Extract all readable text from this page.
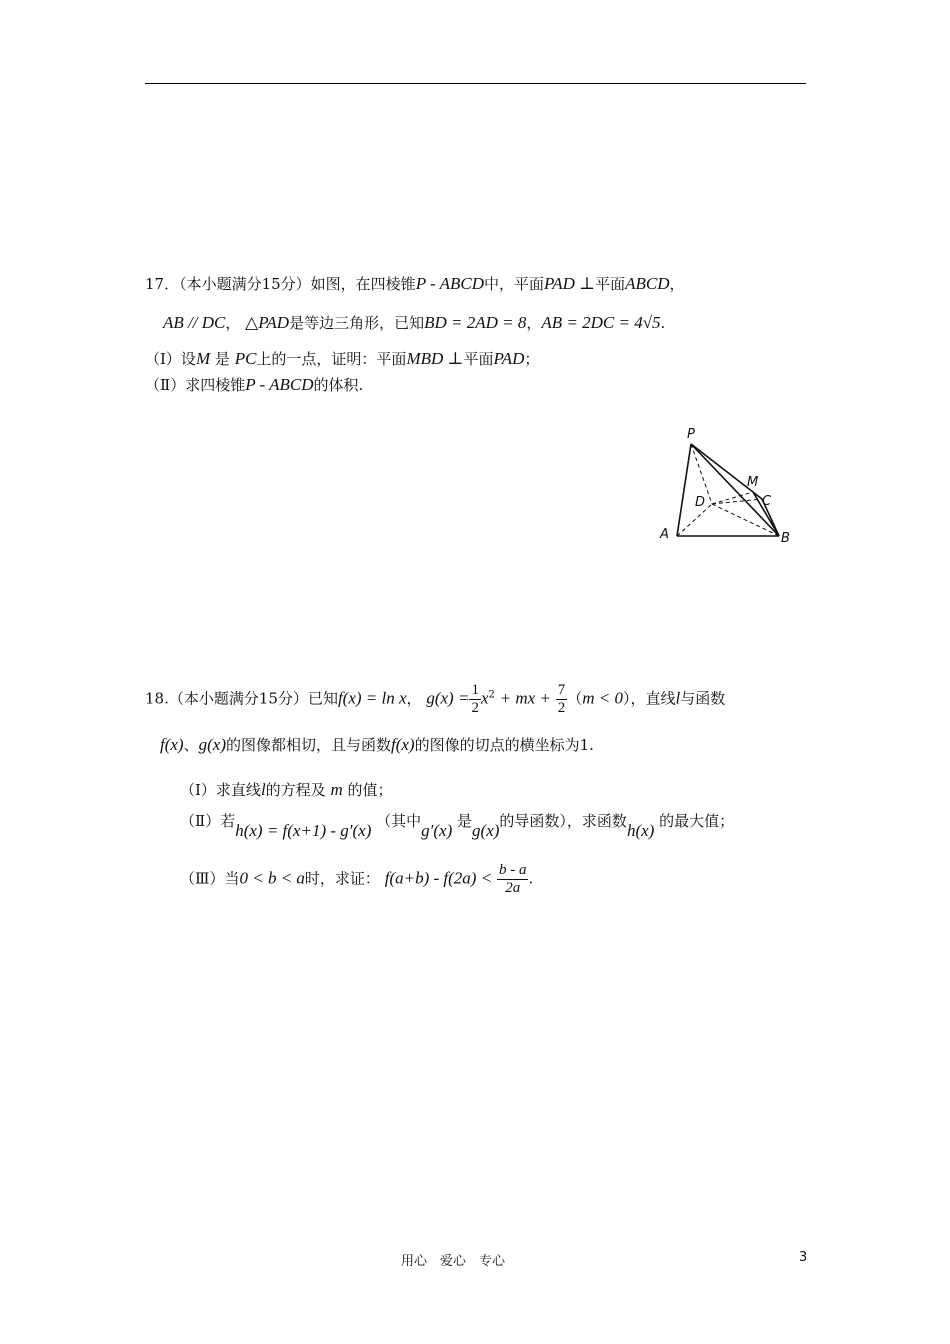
17．（本小题满分15分）如图，在四棱锥P - ABCD中，平面PAD ⊥平面ABCD，
AB // DC， △PAD是等边三角形，已知BD = 2AD = 8，AB = 2DC = 4√5.
（Ⅰ）设M 是 PC上的一点，证明：平面MBD ⊥平面PAD；
（Ⅱ）求四棱锥P - ABCD的体积.
P
M
D	C
A	B
18.（本小题满分15分）已知f(x) = ln x， $g(x) = \frac{1}{2} x^2$ + mx + $\frac{7}{2} (m < 0)$，直线l与函数
f(x)、g(x)的图像都相切，且与函数f(x)的图像的切点的横坐标为1.
（Ⅰ）求直线l的方程及 m 的值；
（Ⅱ）若h(x) = f(x+1) - g′(x) （其中g′(x) 是g(x)的导函数），求函数h(x) 的最大值；
（Ⅲ）当0 < b < a时，求证： $f(a+b) - f(2a) < \frac{b - a}{2a}$ .
用心　爱心　专心	3
